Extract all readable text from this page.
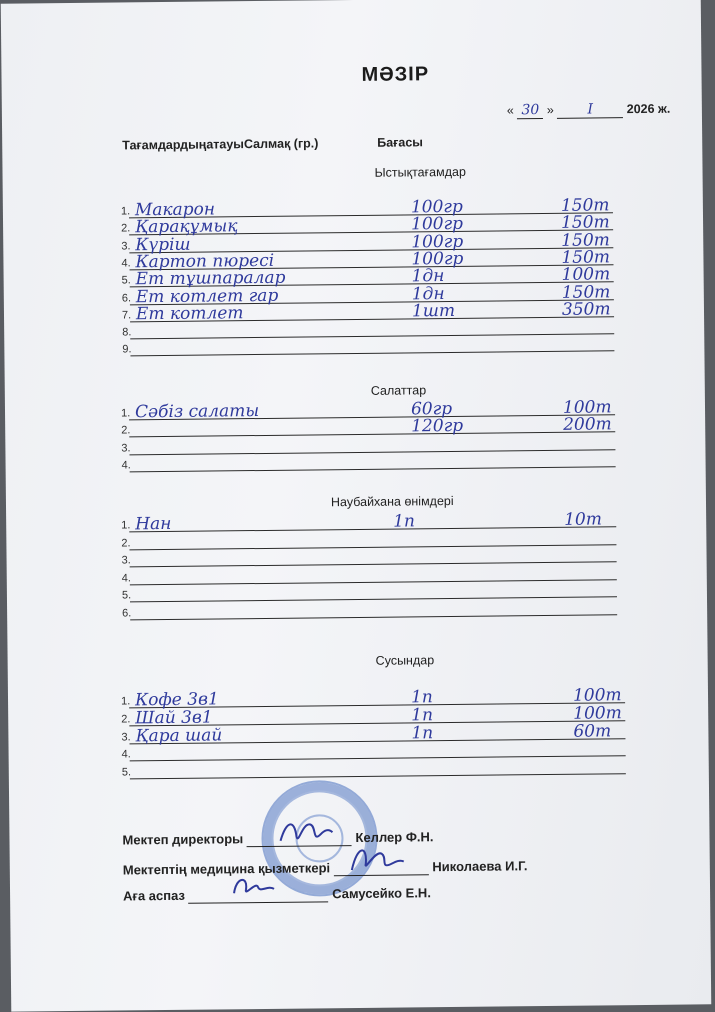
МӘЗІР
« 30 » I	2026 ж.
ТағамдардыңатауыСалмақ (гр.)	Бағасы
Ыстықтағамдар
1. Макарон	100гр	150т
2. Қарақұмық	100гр	150т
3. Күріш	100гр	150т
4. Картоп пюресі	100гр	150т
5. Ет тұшпаралар	1дн	100т
6. Ет котлет гар	1дн	150т
7. Ет котлет	1шт	350т
8.
9.
Салаттар
1. Сәбіз салаты	60гр	100т
2.	120гр	200т
3.
4.
Наубайхана өнімдері
1. Нан	1п	10т
2.
3.
4.
5.
6.
Сусындар
1. Кофе 3в1	1п	100т
2. Шай 3в1	1п	100т
3. Қара шай	1п	60т
4.
5.
Мектеп директоры	Келлер Ф.Н.
Мектептің медицина қызметкері	Николаева И.Г.
Аға аспаз	Самусейко Е.Н.
